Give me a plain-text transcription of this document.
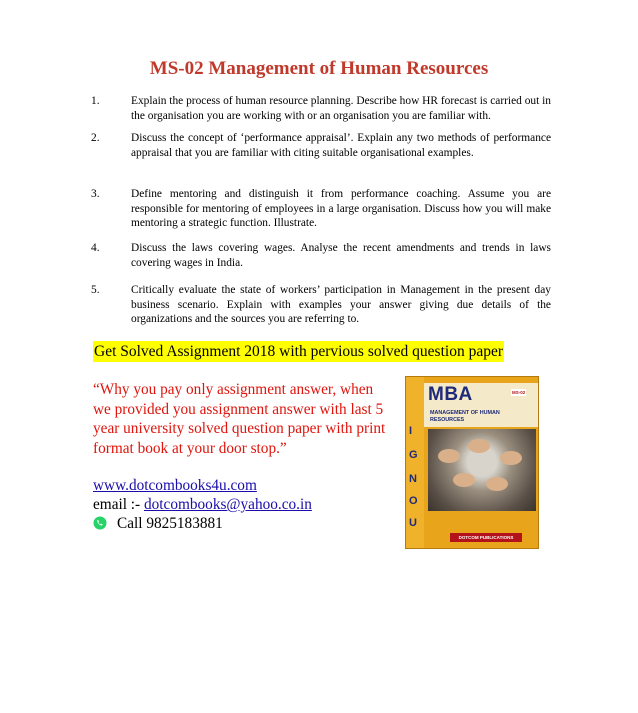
MS-02 Management of Human Resources
1.	Explain the process of human resource planning. Describe how HR forecast is carried out in the organisation you are working with or an organisation you are familiar with.
2.	Discuss the concept of ‘performance appraisal’. Explain any two methods of performance appraisal that you are familiar with citing suitable organisational examples.
3.	Define mentoring and distinguish it from performance coaching. Assume you are responsible for mentoring of employees in a large organisation. Discuss how you will make mentoring a strategic function. Illustrate.
4.	Discuss the laws covering wages. Analyse the recent amendments and trends in laws covering wages in India.
5.	Critically evaluate the state of workers’ participation in Management in the present day business scenario. Explain with examples your answer giving due details of the organizations and the sources you are referring to.
Get Solved Assignment 2018 with pervious solved question paper
“Why you pay only assignment answer, when we provided you assignment answer with last 5 year university solved question paper with print format book at your door stop.”
www.dotcombooks4u.com
email :- dotcombooks@yahoo.co.in
Call 9825183881
I
G
N
O
U
MBA	MS-02
MANAGEMENT OF HUMAN RESOURCES
DOTCOM PUBLICATIONS
